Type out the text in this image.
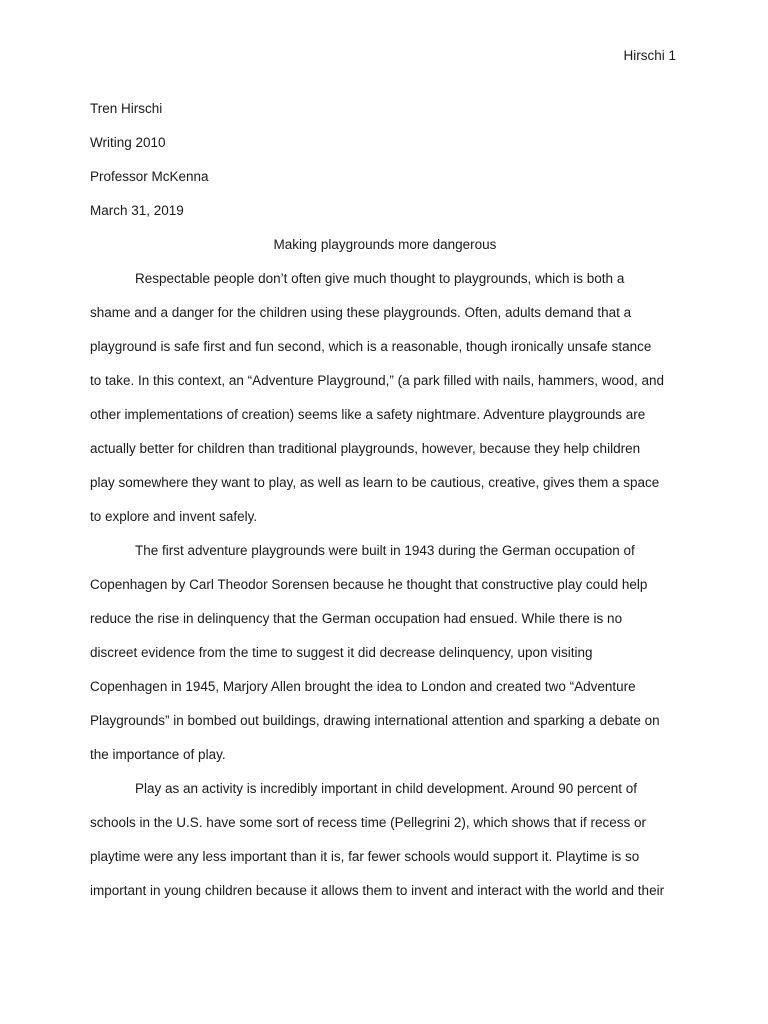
Hirschi 1
Tren Hirschi
Writing 2010
Professor McKenna
March 31, 2019
Making playgrounds more dangerous
Respectable people don’t often give much thought to playgrounds, which is both a
shame and a danger for the children using these playgrounds. Often, adults demand that a
playground is safe first and fun second, which is a reasonable, though ironically unsafe stance
to take. In this context, an “Adventure Playground,” (a park filled with nails, hammers, wood, and
other implementations of creation) seems like a safety nightmare. Adventure playgrounds are
actually better for children than traditional playgrounds, however, because they help children
play somewhere they want to play, as well as learn to be cautious, creative, gives them a space
to explore and invent safely.
The first adventure playgrounds were built in 1943 during the German occupation of
Copenhagen by Carl Theodor Sorensen because he thought that constructive play could help
reduce the rise in delinquency that the German occupation had ensued. While there is no
discreet evidence from the time to suggest it did decrease delinquency, upon visiting
Copenhagen in 1945, Marjory Allen brought the idea to London and created two “Adventure
Playgrounds” in bombed out buildings, drawing international attention and sparking a debate on
the importance of play.
Play as an activity is incredibly important in child development. Around 90 percent of
schools in the U.S. have some sort of recess time (Pellegrini 2), which shows that if recess or
playtime were any less important than it is, far fewer schools would support it. Playtime is so
important in young children because it allows them to invent and interact with the world and their
